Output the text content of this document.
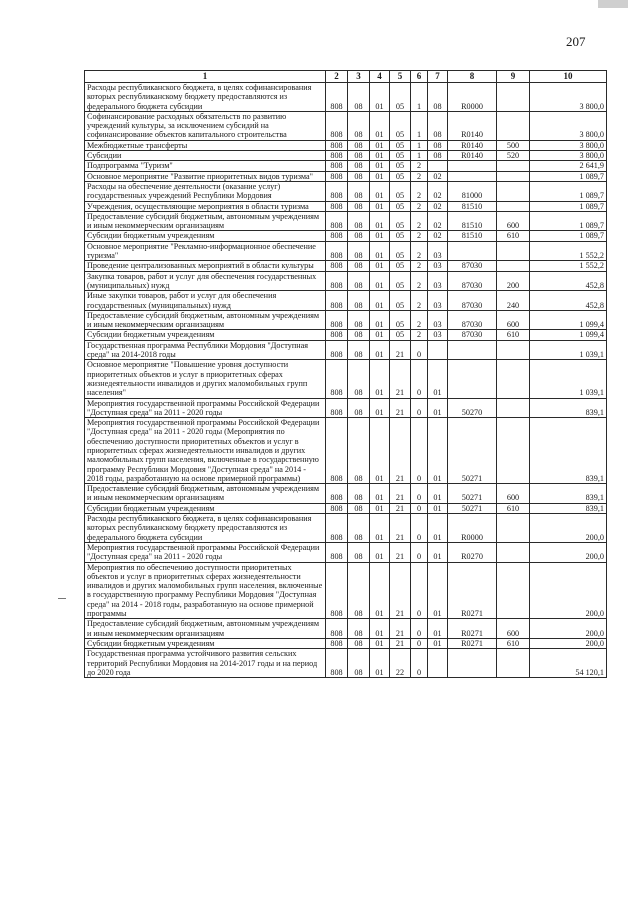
207
1	2	3	4	5	6	7	8	9	10
Расходы республиканского бюджета, в целях софинансирования которых республиканскому бюджету предоставляются из федерального бюджета субсидии	808	08	01	05	1	08	R0000		3 800,0
Софинансирование расходных обязательств по развитию учреждений культуры, за исключением субсидий на софинансирование объектов капитального строительства	808	08	01	05	1	08	R0140		3 800,0
Межбюджетные трансферты	808	08	01	05	1	08	R0140	500	3 800,0
Субсидии	808	08	01	05	1	08	R0140	520	3 800,0
Подпрограмма "Туризм"	808	08	01	05	2				2 641,9
Основное мероприятие "Развитие приоритетных видов туризма"	808	08	01	05	2	02			1 089,7
Расходы на обеспечение деятельности (оказание услуг) государственных учреждений Республики Мордовия	808	08	01	05	2	02	81000		1 089,7
Учреждения, осуществляющие мероприятия в области туризма	808	08	01	05	2	02	81510		1 089,7
Предоставление субсидий бюджетным, автономным учреждениям и иным некоммерческим организациям	808	08	01	05	2	02	81510	600	1 089,7
Субсидии бюджетным учреждениям	808	08	01	05	2	02	81510	610	1 089,7
Основное мероприятие "Рекламно-информационное обеспечение туризма"	808	08	01	05	2	03			1 552,2
Проведение централизованных мероприятий в области культуры	808	08	01	05	2	03	87030		1 552,2
Закупка товаров, работ и услуг для обеспечения государственных (муниципальных) нужд	808	08	01	05	2	03	87030	200	452,8
Иные закупки товаров, работ и услуг для обеспечения государственных (муниципальных) нужд	808	08	01	05	2	03	87030	240	452,8
Предоставление субсидий бюджетным, автономным учреждениям и иным некоммерческим организациям	808	08	01	05	2	03	87030	600	1 099,4
Субсидии бюджетным учреждениям	808	08	01	05	2	03	87030	610	1 099,4
Государственная программа Республики Мордовия "Доступная среда" на 2014-2018 годы	808	08	01	21	0				1 039,1
Основное мероприятие "Повышение уровня доступности приоритетных объектов и услуг в приоритетных сферах жизнедеятельности инвалидов и других маломобильных групп населения"	808	08	01	21	0	01			1 039,1
Мероприятия государственной программы Российской Федерации "Доступная среда" на 2011 - 2020 годы	808	08	01	21	0	01	50270		839,1
Мероприятия государственной программы Российской Федерации "Доступная среда" на 2011 - 2020 годы (Мероприятия по обеспечению доступности приоритетных объектов и услуг в приоритетных сферах жизнедеятельности инвалидов и других маломобильных групп населения, включенные в государственную программу Республики Мордовия "Доступная среда" на 2014 - 2018 годы, разработанную на основе примерной программы)	808	08	01	21	0	01	50271		839,1
Предоставление субсидий бюджетным, автономным учреждениям и иным некоммерческим организациям	808	08	01	21	0	01	50271	600	839,1
Субсидии бюджетным учреждениям	808	08	01	21	0	01	50271	610	839,1
Расходы республиканского бюджета, в целях софинансирования которых республиканскому бюджету предоставляются из федерального бюджета субсидии	808	08	01	21	0	01	R0000		200,0
Мероприятия государственной программы Российской Федерации "Доступная среда" на 2011 - 2020 годы	808	08	01	21	0	01	R0270		200,0
Мероприятия по обеспечению доступности приоритетных объектов и услуг в приоритетных сферах жизнедеятельности инвалидов и других маломобильных групп населения, включенные в государственную программу Республики Мордовия "Доступная среда" на 2014 - 2018 годы, разработанную на основе примерной программы	808	08	01	21	0	01	R0271		200,0
Предоставление субсидий бюджетным, автономным учреждениям и иным некоммерческим организациям	808	08	01	21	0	01	R0271	600	200,0
Субсидии бюджетным учреждениям	808	08	01	21	0	01	R0271	610	200,0
Государственная программа устойчивого развития сельских территорий Республики Мордовия на 2014-2017 годы и на период до 2020 года	808	08	01	22	0				54 120,1
